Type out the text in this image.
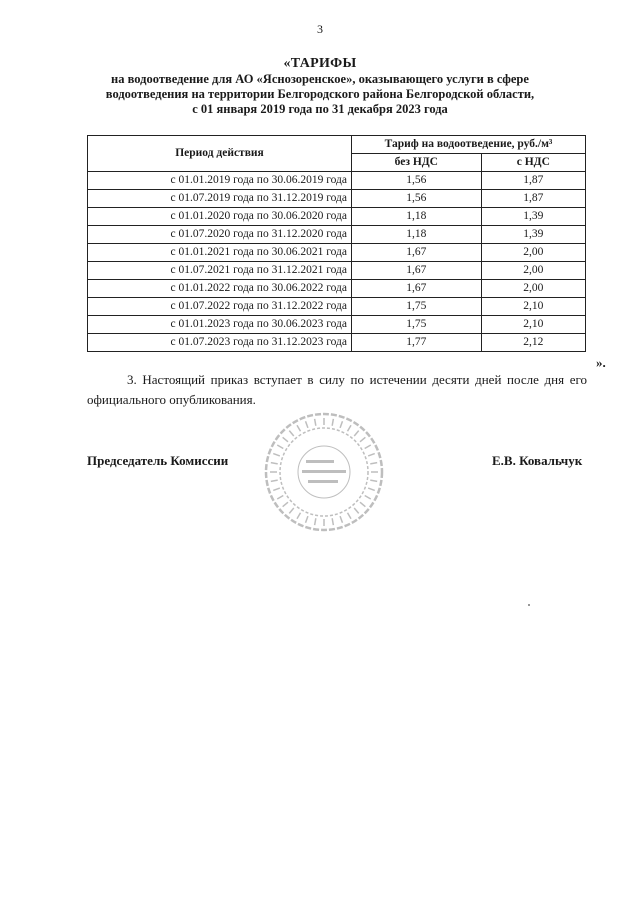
3
«ТАРИФЫ
на водоотведение для АО «Яснозоренское», оказывающего услуги в сфере
водоотведения на территории Белгородского района Белгородской области,
с 01 января 2019 года по 31 декабря 2023 года
Период действия	Тариф на водоотведение, руб./м³	
	без НДС	с НДС
с 01.01.2019 года по 30.06.2019 года	1,56	1,87
с 01.07.2019 года по 31.12.2019 года	1,56	1,87
с 01.01.2020 года по 30.06.2020 года	1,18	1,39
с 01.07.2020 года по 31.12.2020 года	1,18	1,39
с 01.01.2021 года по 30.06.2021 года	1,67	2,00
с 01.07.2021 года по 31.12.2021 года	1,67	2,00
с 01.01.2022 года по 30.06.2022 года	1,67	2,00
с 01.07.2022 года по 31.12.2022 года	1,75	2,10
с 01.01.2023 года по 30.06.2023 года	1,75	2,10
с 01.07.2023 года по 31.12.2023 года	1,77	2,12
».
3. Настоящий приказ вступает в силу по истечении десяти дней после дня его официального опубликования.
Председатель Комиссии	Е.В. Ковальчук
